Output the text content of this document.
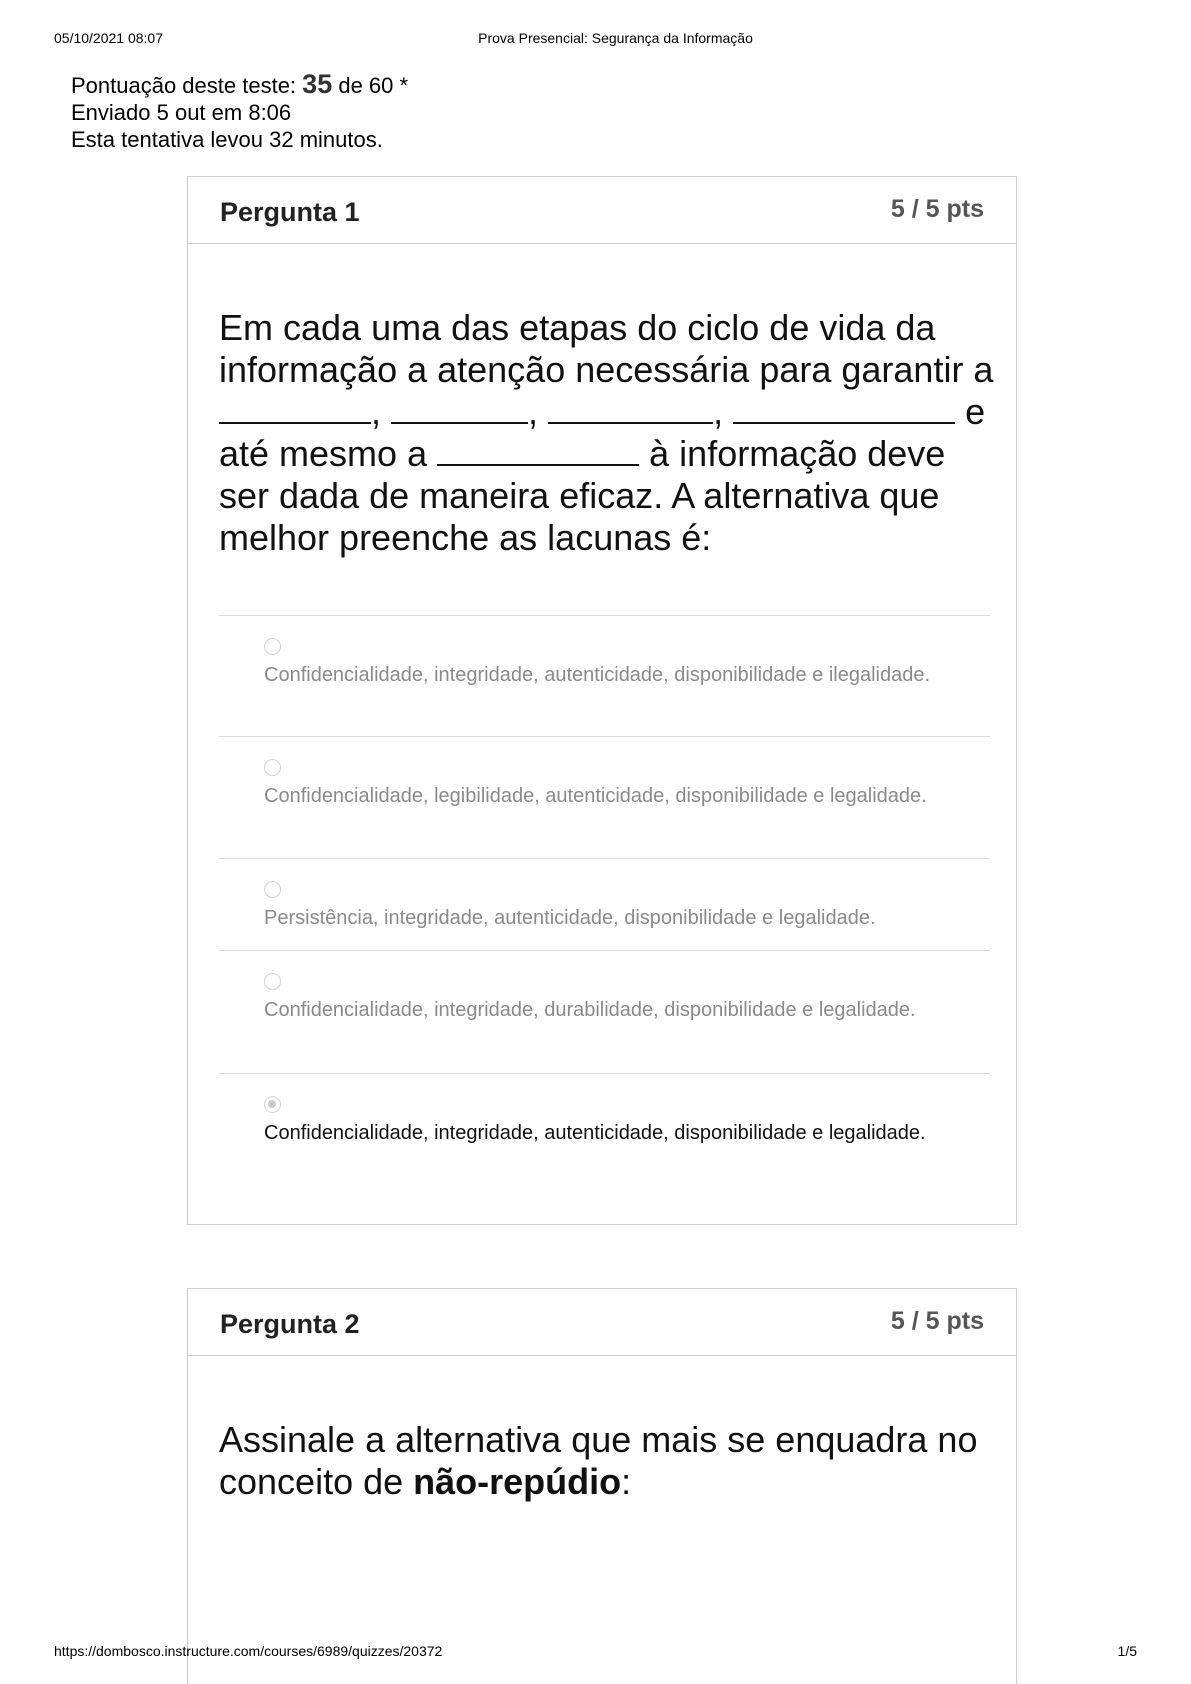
05/10/2021 08:07	Prova Presencial: Segurança da Informação
Pontuação deste teste: 35 de 60 *
Enviado 5 out em 8:06
Esta tentativa levou 32 minutos.
Pergunta 1	5 / 5 pts
Em cada uma das etapas do ciclo de vida da informação a atenção necessária para garantir a ,	,	,	e até mesmo a	à informação deve ser dada de maneira eficaz. A alternativa que melhor preenche as lacunas é:
Confidencialidade, integridade, autenticidade, disponibilidade e ilegalidade.
Confidencialidade, legibilidade, autenticidade, disponibilidade e legalidade.
Persistência, integridade, autenticidade, disponibilidade e legalidade.
Confidencialidade, integridade, durabilidade, disponibilidade e legalidade.
Confidencialidade, integridade, autenticidade, disponibilidade e legalidade.
Pergunta 2	5 / 5 pts
Assinale a alternativa que mais se enquadra no conceito de não-repúdio:
https://dombosco.instructure.com/courses/6989/quizzes/20372	1/5
